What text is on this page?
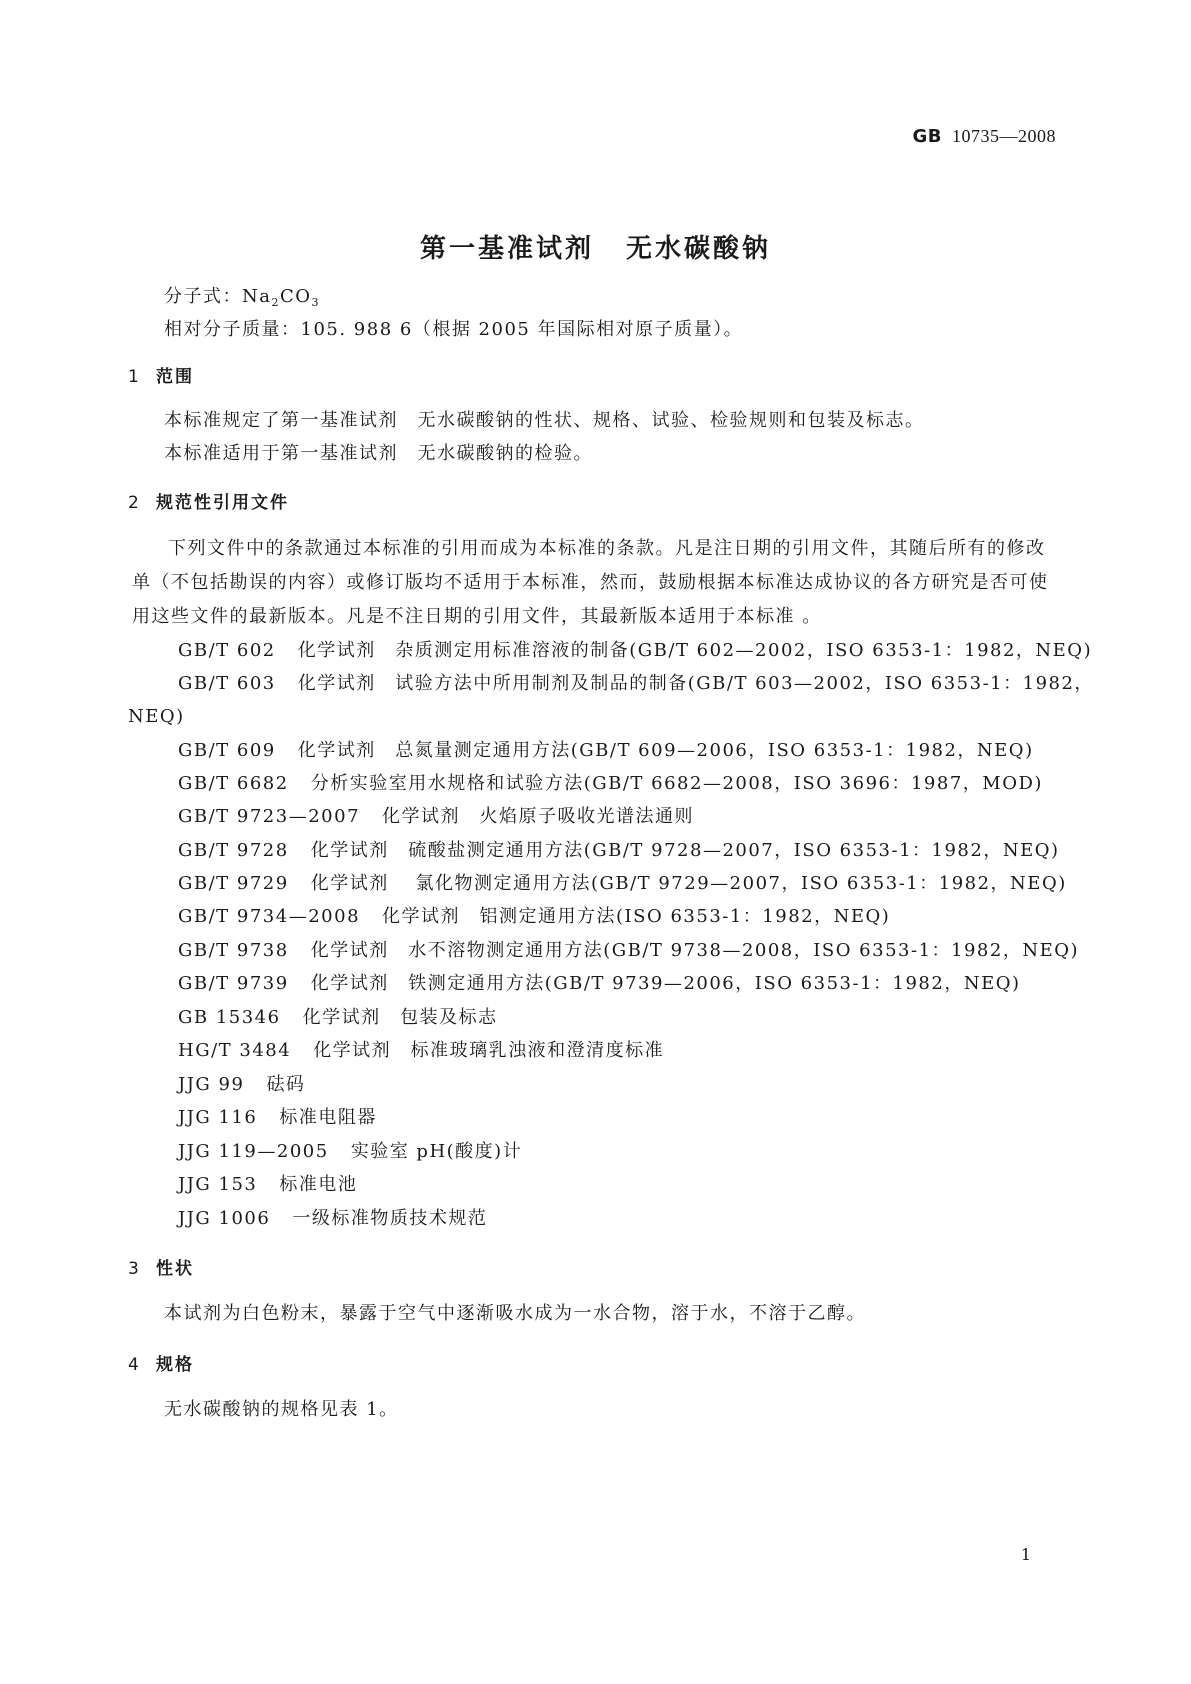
GB 10735—2008
第一基准试剂 无水碳酸钠
分子式：$Na_2CO_3$
相对分子质量：105. 988 6（根据 2005 年国际相对原子质量）。
1 范围
本标准规定了第一基准试剂　无水碳酸钠的性状、规格、试验、检验规则和包装及标志。
本标准适用于第一基准试剂　无水碳酸钠的检验。
2 规范性引用文件
下列文件中的条款通过本标准的引用而成为本标准的条款。凡是注日期的引用文件，其随后所有的修改单（不包括勘误的内容）或修订版均不适用于本标准，然而，鼓励根据本标准达成协议的各方研究是否可使用这些文件的最新版本。凡是不注日期的引用文件，其最新版本适用于本标准 。
GB/T 602 化学试剂　杂质测定用标准溶液的制备(GB/T 602—2002，ISO 6353-1：1982，NEQ)
GB/T 603 化学试剂　试验方法中所用制剂及制品的制备(GB/T 603—2002，ISO 6353-1：1982，
NEQ)
GB/T 609 化学试剂　总氮量测定通用方法(GB/T 609—2006，ISO 6353-1：1982，NEQ)
GB/T 6682 分析实验室用水规格和试验方法(GB/T 6682—2008，ISO 3696：1987，MOD)
GB/T 9723—2007 化学试剂　火焰原子吸收光谱法通则
GB/T 9728 化学试剂　硫酸盐测定通用方法(GB/T 9728—2007，ISO 6353-1：1982，NEQ)
GB/T 9729 化学试剂　 氯化物测定通用方法(GB/T 9729—2007，ISO 6353-1：1982，NEQ)
GB/T 9734—2008 化学试剂　铝测定通用方法(ISO 6353-1：1982，NEQ)
GB/T 9738 化学试剂　水不溶物测定通用方法(GB/T 9738—2008，ISO 6353-1：1982，NEQ)
GB/T 9739 化学试剂　铁测定通用方法(GB/T 9739—2006，ISO 6353-1：1982，NEQ)
GB 15346 化学试剂　包装及标志
HG/T 3484 化学试剂　标准玻璃乳浊液和澄清度标准
JJG 99 砝码
JJG 116 标准电阻器
JJG 119—2005 实验室 pH(酸度)计
JJG 153 标准电池
JJG 1006 一级标准物质技术规范
3 性状
本试剂为白色粉末，暴露于空气中逐渐吸水成为一水合物，溶于水，不溶于乙醇。
4 规格
无水碳酸钠的规格见表 1。
1
